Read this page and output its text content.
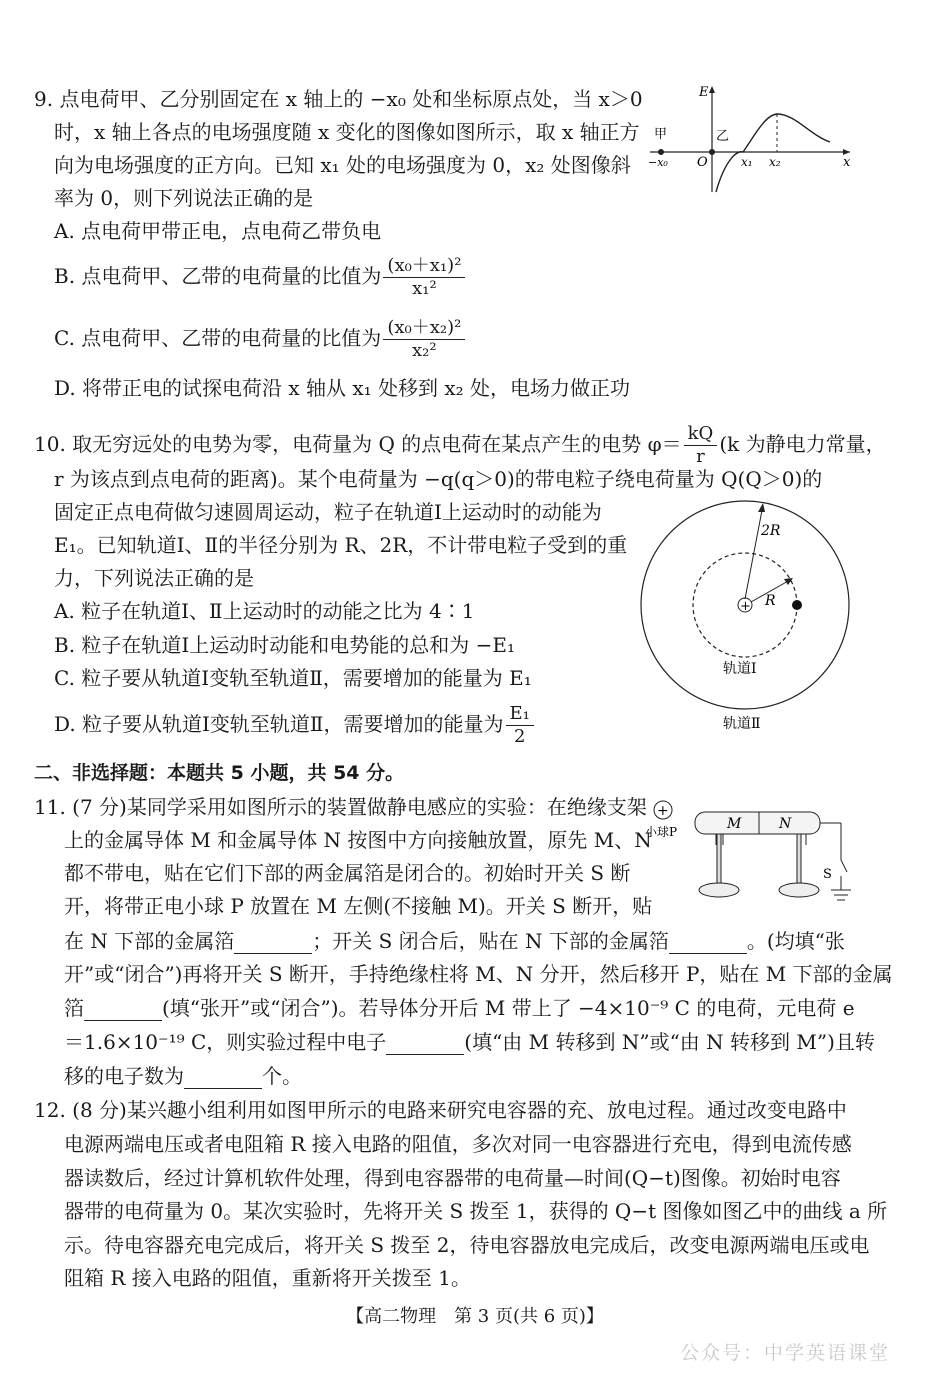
9. 点电荷甲、乙分别固定在 x 轴上的 −x₀ 处和坐标原点处，当 x＞0
时，x 轴上各点的电场强度随 x 变化的图像如图所示，取 x 轴正方
向为电场强度的正方向。已知 x₁ 处的电场强度为 0，x₂ 处图像斜
率为 0，则下列说法正确的是
A. 点电荷甲带正电，点电荷乙带负电
B. 点电荷甲、乙带的电荷量的比值为 $\frac{\text{(x₀＋x₁)²}}{\text{x₁²}}$
C. 点电荷甲、乙带的电荷量的比值为 $\frac{\text{(x₀＋x₂)²}}{\text{x₂²}}$
D. 将带正电的试探电荷沿 x 轴从 x₁ 处移到 x₂ 处，电场力做正功
E
甲	乙
−x₀ O	x₁ x₂	x
10. 取无穷远处的电势为零，电荷量为 Q 的点电荷在某点产生的电势 $\varphi= \frac{kQ}{r} (k$ 为静电力常量，
r 为该点到点电荷的距离)。某个电荷量为 −q(q＞0)的带电粒子绕电荷量为 Q(Q＞0)的
固定正点电荷做匀速圆周运动，粒子在轨道Ⅰ上运动时的动能为
E₁。已知轨道Ⅰ、Ⅱ的半径分别为 R、2R，不计带电粒子受到的重
力，下列说法正确的是
A. 粒子在轨道Ⅰ、Ⅱ上运动时的动能之比为 4∶1
B. 粒子在轨道Ⅰ上运动时动能和电势能的总和为 −E₁
C. 粒子要从轨道Ⅰ变轨至轨道Ⅱ，需要增加的能量为 E₁
D. 粒子要从轨道Ⅰ变轨至轨道Ⅱ，需要增加的能量为 $\frac{\text{E₁}}{2}$
+
2R
R
轨道Ⅰ
轨道Ⅱ
二、非选择题：本题共 5 小题，共 54 分。
11. (7 分)某同学采用如图所示的装置做静电感应的实验：在绝缘支架
上的金属导体 M 和金属导体 N 按图中方向接触放置，原先 M、N
都不带电，贴在它们下部的两金属箔是闭合的。初始时开关 S 断
开，将带正电小球 P 放置在 M 左侧(不接触 M)。开关 S 断开，贴
在 N 下部的金属箔	；开关 S 闭合后，贴在 N 下部的金属箔	。(均填“张
开”或“闭合”)再将开关 S 断开，手持绝缘柱将 M、N 分开，然后移开 P，贴在 M 下部的金属
箔	(填“张开”或“闭合”)。若导体分开后 M 带上了 −4×10⁻⁹ C 的电荷，元电荷 e
＝1.6×10⁻¹⁹ C，则实验过程中电子	(填“由 M 转移到 N”或“由 N 转移到 M”)且转
移的电子数为	个。
+
小球P	M	N
S
12. (8 分)某兴趣小组利用如图甲所示的电路来研究电容器的充、放电过程。通过改变电路中
电源两端电压或者电阻箱 R 接入电路的阻值，多次对同一电容器进行充电，得到电流传感
器读数后，经过计算机软件处理，得到电容器带的电荷量—时间(Q−t)图像。初始时电容
器带的电荷量为 0。某次实验时，先将开关 S 拨至 1，获得的 Q−t 图像如图乙中的曲线 a 所
示。待电容器充电完成后，将开关 S 拨至 2，待电容器放电完成后，改变电源两端电压或电
阻箱 R 接入电路的阻值，重新将开关拨至 1。
【高二物理　第 3 页(共 6 页)】
公众号：中学英语课堂
